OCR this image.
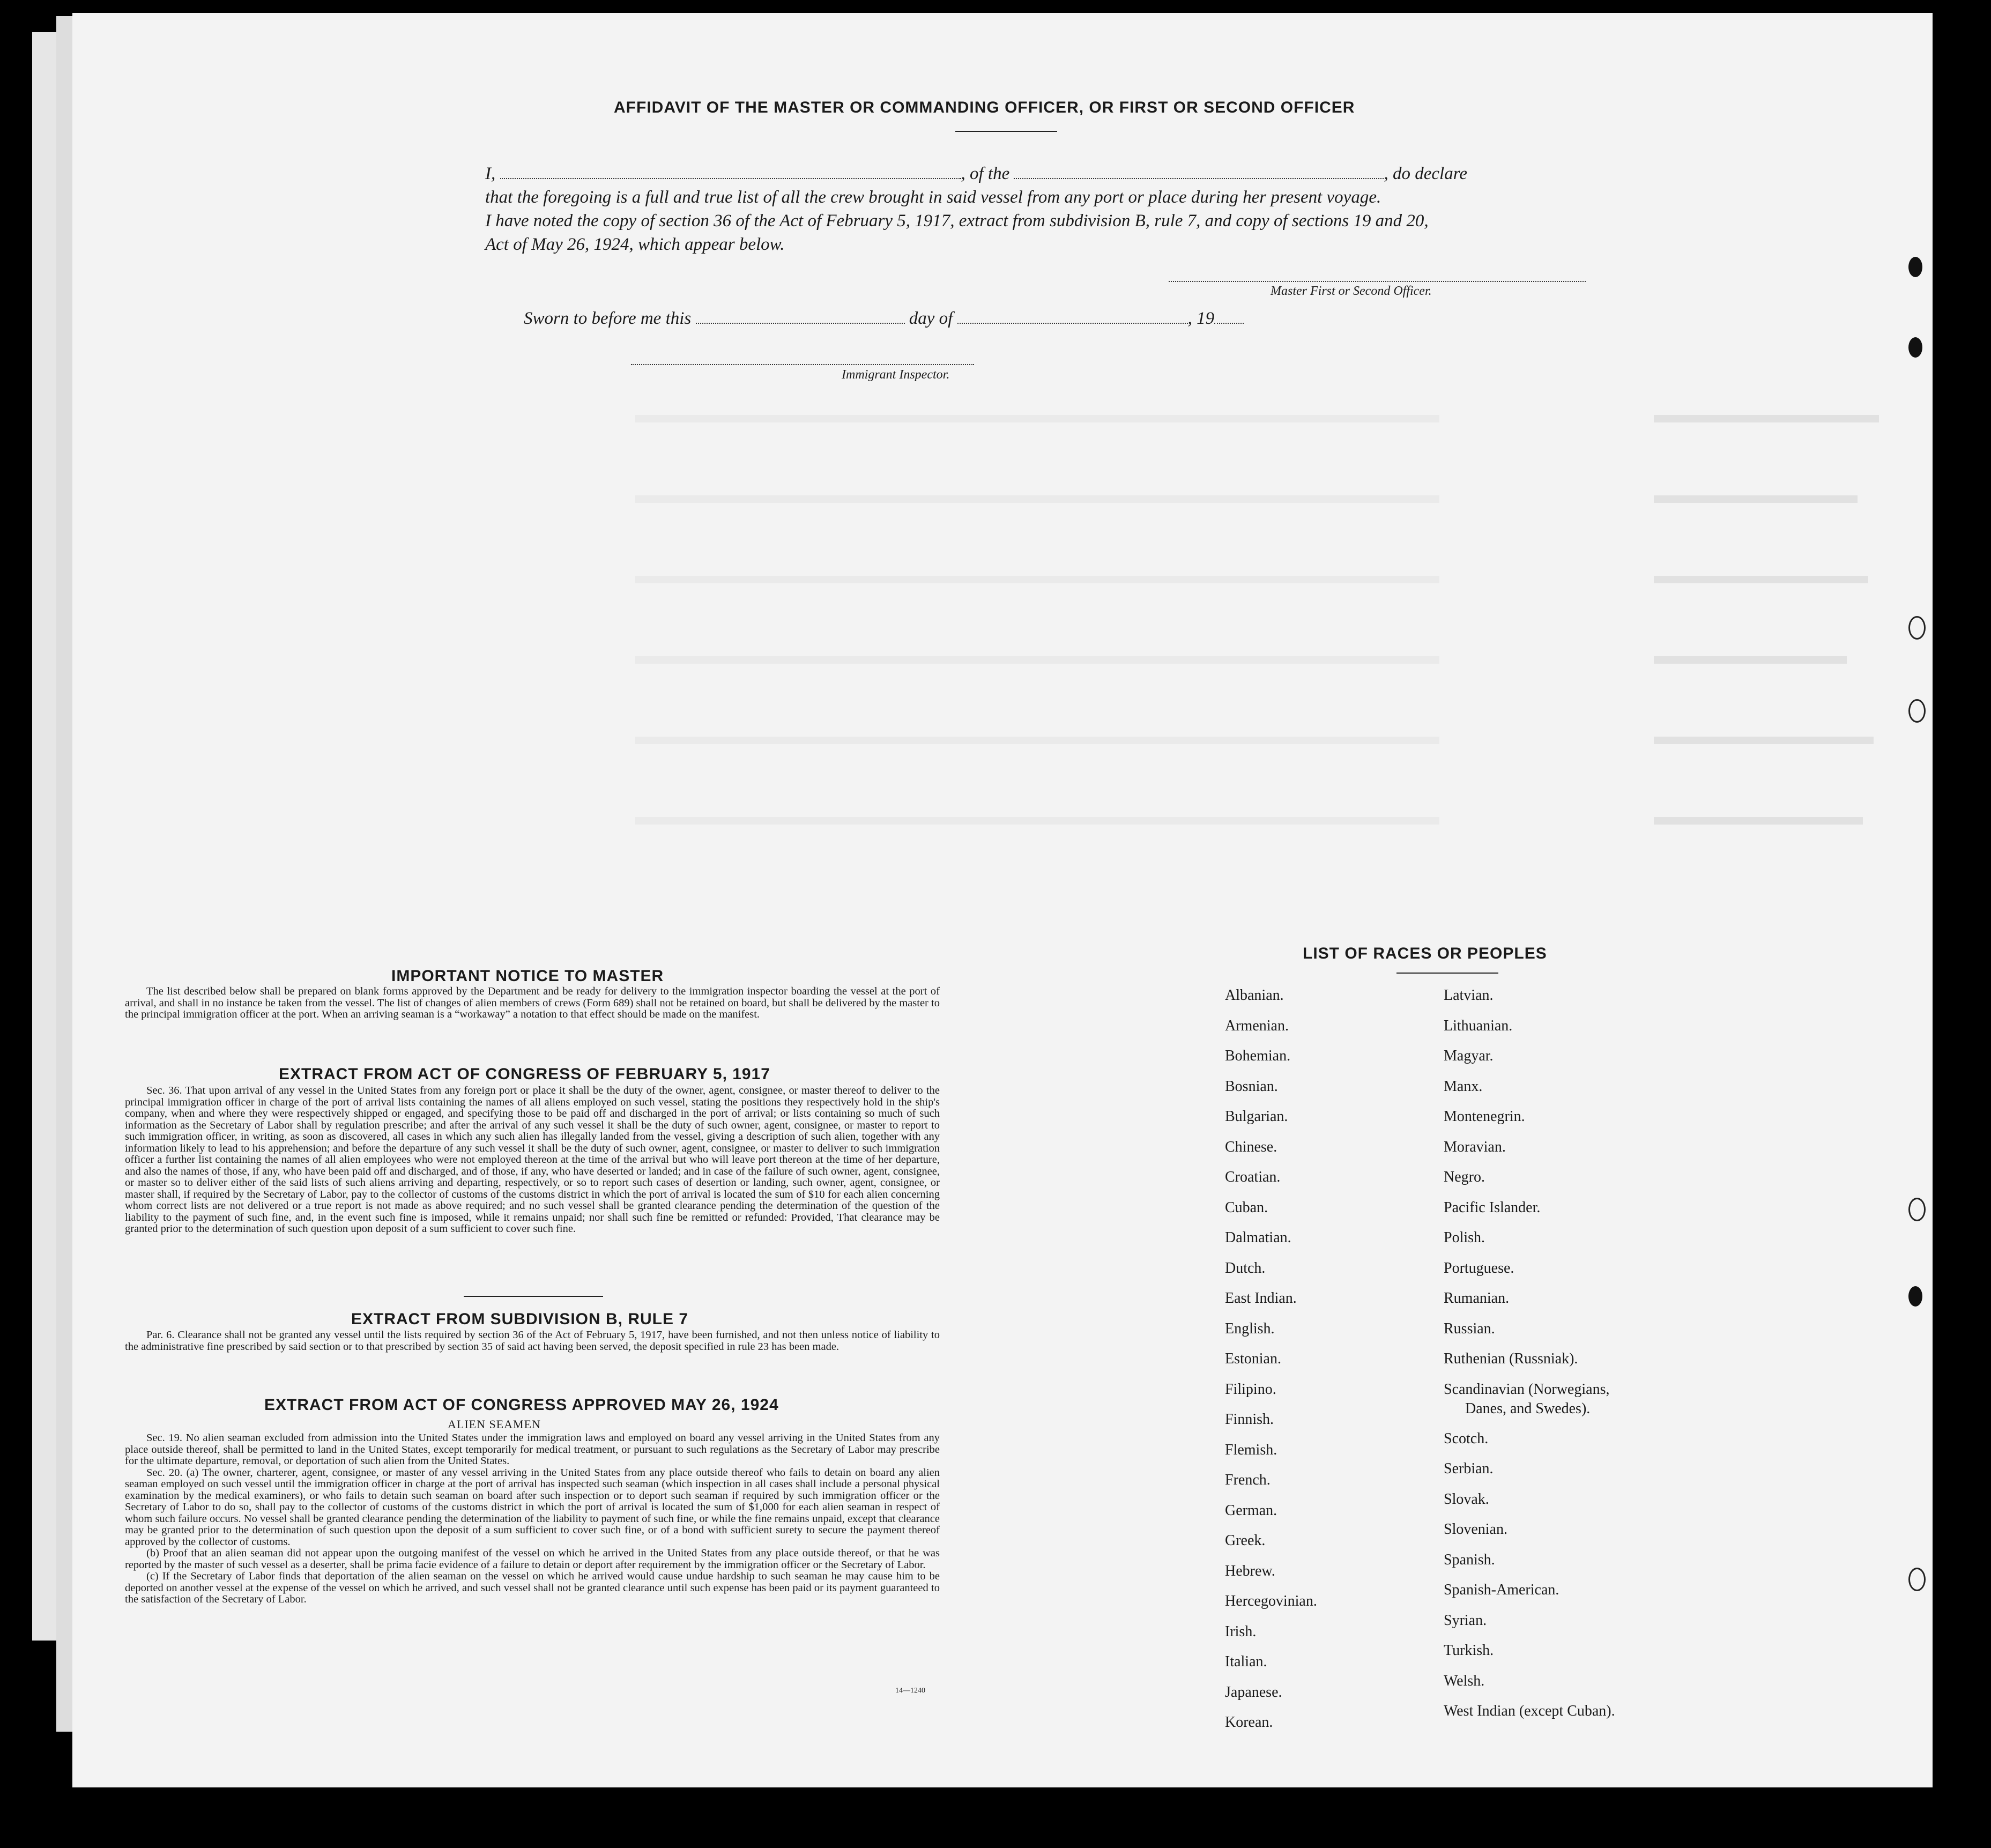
AFFIDAVIT OF THE MASTER OR COMMANDING OFFICER, OR FIRST OR SECOND OFFICER
I,	, of the	, do declare
that the foregoing is a full and true list of all the crew brought in said vessel from any port or place during her present voyage.
I have noted the copy of section 36 of the Act of February 5, 1917, extract from subdivision B, rule 7, and copy of sections 19 and 20,
Act of May 26, 1924, which appear below.
Master First or Second Officer.
Sworn to before me this	day of	, 19
Immigrant Inspector.
IMPORTANT NOTICE TO MASTER

The list described below shall be prepared on blank forms approved by the Department and be ready for delivery to the immigration inspector boarding the vessel at the port of arrival, and shall in no instance be taken from the vessel. The list of changes of alien members of crews (Form 689) shall not be retained on board, but shall be delivered by the master to the principal immigration officer at the port. When an arriving seaman is a “workaway” a notation to that effect should be made on the manifest.

EXTRACT FROM ACT OF CONGRESS OF FEBRUARY 5, 1917

Sec. 36. That upon arrival of any vessel in the United States from any foreign port or place it shall be the duty of the owner, agent, consignee, or master thereof to deliver to the principal immigration officer in charge of the port of arrival lists containing the names of all aliens employed on such vessel, stating the positions they respectively hold in the ship's company, when and where they were respectively shipped or engaged, and specifying those to be paid off and discharged in the port of arrival; or lists containing so much of such information as the Secretary of Labor shall by regulation prescribe; and after the arrival of any such vessel it shall be the duty of such owner, agent, consignee, or master to report to such immigration officer, in writing, as soon as discovered, all cases in which any such alien has illegally landed from the vessel, giving a description of such alien, together with any information likely to lead to his apprehension; and before the departure of any such vessel it shall be the duty of such owner, agent, consignee, or master to deliver to such immigration officer a further list containing the names of all alien employees who were not employed thereon at the time of the arrival but who will leave port thereon at the time of her departure, and also the names of those, if any, who have been paid off and discharged, and of those, if any, who have deserted or landed; and in case of the failure of such owner, agent, consignee, or master so to deliver either of the said lists of such aliens arriving and departing, respectively, or so to report such cases of desertion or landing, such owner, agent, consignee, or master shall, if required by the Secretary of Labor, pay to the collector of customs of the customs district in which the port of arrival is located the sum of $10 for each alien concerning whom correct lists are not delivered or a true report is not made as above required; and no such vessel shall be granted clearance pending the determination of the question of the liability to the payment of such fine, and, in the event such fine is imposed, while it remains unpaid; nor shall such fine be remitted or refunded: Provided, That clearance may be granted prior to the determination of such question upon deposit of a sum sufficient to cover such fine.

EXTRACT FROM SUBDIVISION B, RULE 7

Par. 6. Clearance shall not be granted any vessel until the lists required by section 36 of the Act of February 5, 1917, have been furnished, and not then unless notice of liability to the administrative fine prescribed by said section or to that prescribed by section 35 of said act having been served, the deposit specified in rule 23 has been made.

EXTRACT FROM ACT OF CONGRESS APPROVED MAY 26, 1924
ALIEN SEAMEN

Sec. 19. No alien seaman excluded from admission into the United States under the immigration laws and employed on board any vessel arriving in the United States from any place outside thereof, shall be permitted to land in the United States, except temporarily for medical treatment, or pursuant to such regulations as the Secretary of Labor may prescribe for the ultimate departure, removal, or deportation of such alien from the United States.

Sec. 20. (a) The owner, charterer, agent, consignee, or master of any vessel arriving in the United States from any place outside thereof who fails to detain on board any alien seaman employed on such vessel until the immigration officer in charge at the port of arrival has inspected such seaman (which inspection in all cases shall include a personal physical examination by the medical examiners), or who fails to detain such seaman on board after such inspection or to deport such seaman if required by such immigration officer or the Secretary of Labor to do so, shall pay to the collector of customs of the customs district in which the port of arrival is located the sum of $1,000 for each alien seaman in respect of whom such failure occurs. No vessel shall be granted clearance pending the determination of the liability to payment of such fine, or while the fine remains unpaid, except that clearance may be granted prior to the determination of such question upon the deposit of a sum sufficient to cover such fine, or of a bond with sufficient surety to secure the payment thereof approved by the collector of customs.

(b) Proof that an alien seaman did not appear upon the outgoing manifest of the vessel on which he arrived in the United States from any place outside thereof, or that he was reported by the master of such vessel as a deserter, shall be prima facie evidence of a failure to detain or deport after requirement by the immigration officer or the Secretary of Labor.

(c) If the Secretary of Labor finds that deportation of the alien seaman on the vessel on which he arrived would cause undue hardship to such seaman he may cause him to be deported on another vessel at the expense of the vessel on which he arrived, and such vessel shall not be granted clearance until such expense has been paid or its payment guaranteed to the satisfaction of the Secretary of Labor.

14—1240
LIST OF RACES OR PEOPLES
Albanian.
Armenian.
Bohemian.
Bosnian.
Bulgarian.
Chinese.
Croatian.
Cuban.
Dalmatian.
Dutch.
East Indian.
English.
Estonian.
Filipino.
Finnish.
Flemish.
French.
German.
Greek.
Hebrew.
Hercegovinian.
Irish.
Italian.
Japanese.
Korean.
Latvian.
Lithuanian.
Magyar.
Manx.
Montenegrin.
Moravian.
Negro.
Pacific Islander.
Polish.
Portuguese.
Rumanian.
Russian.
Ruthenian (Russniak).
Scandinavian (Norwegians,
Danes, and Swedes).
Scotch.
Serbian.
Slovak.
Slovenian.
Spanish.
Spanish-American.
Syrian.
Turkish.
Welsh.
West Indian (except Cuban).
